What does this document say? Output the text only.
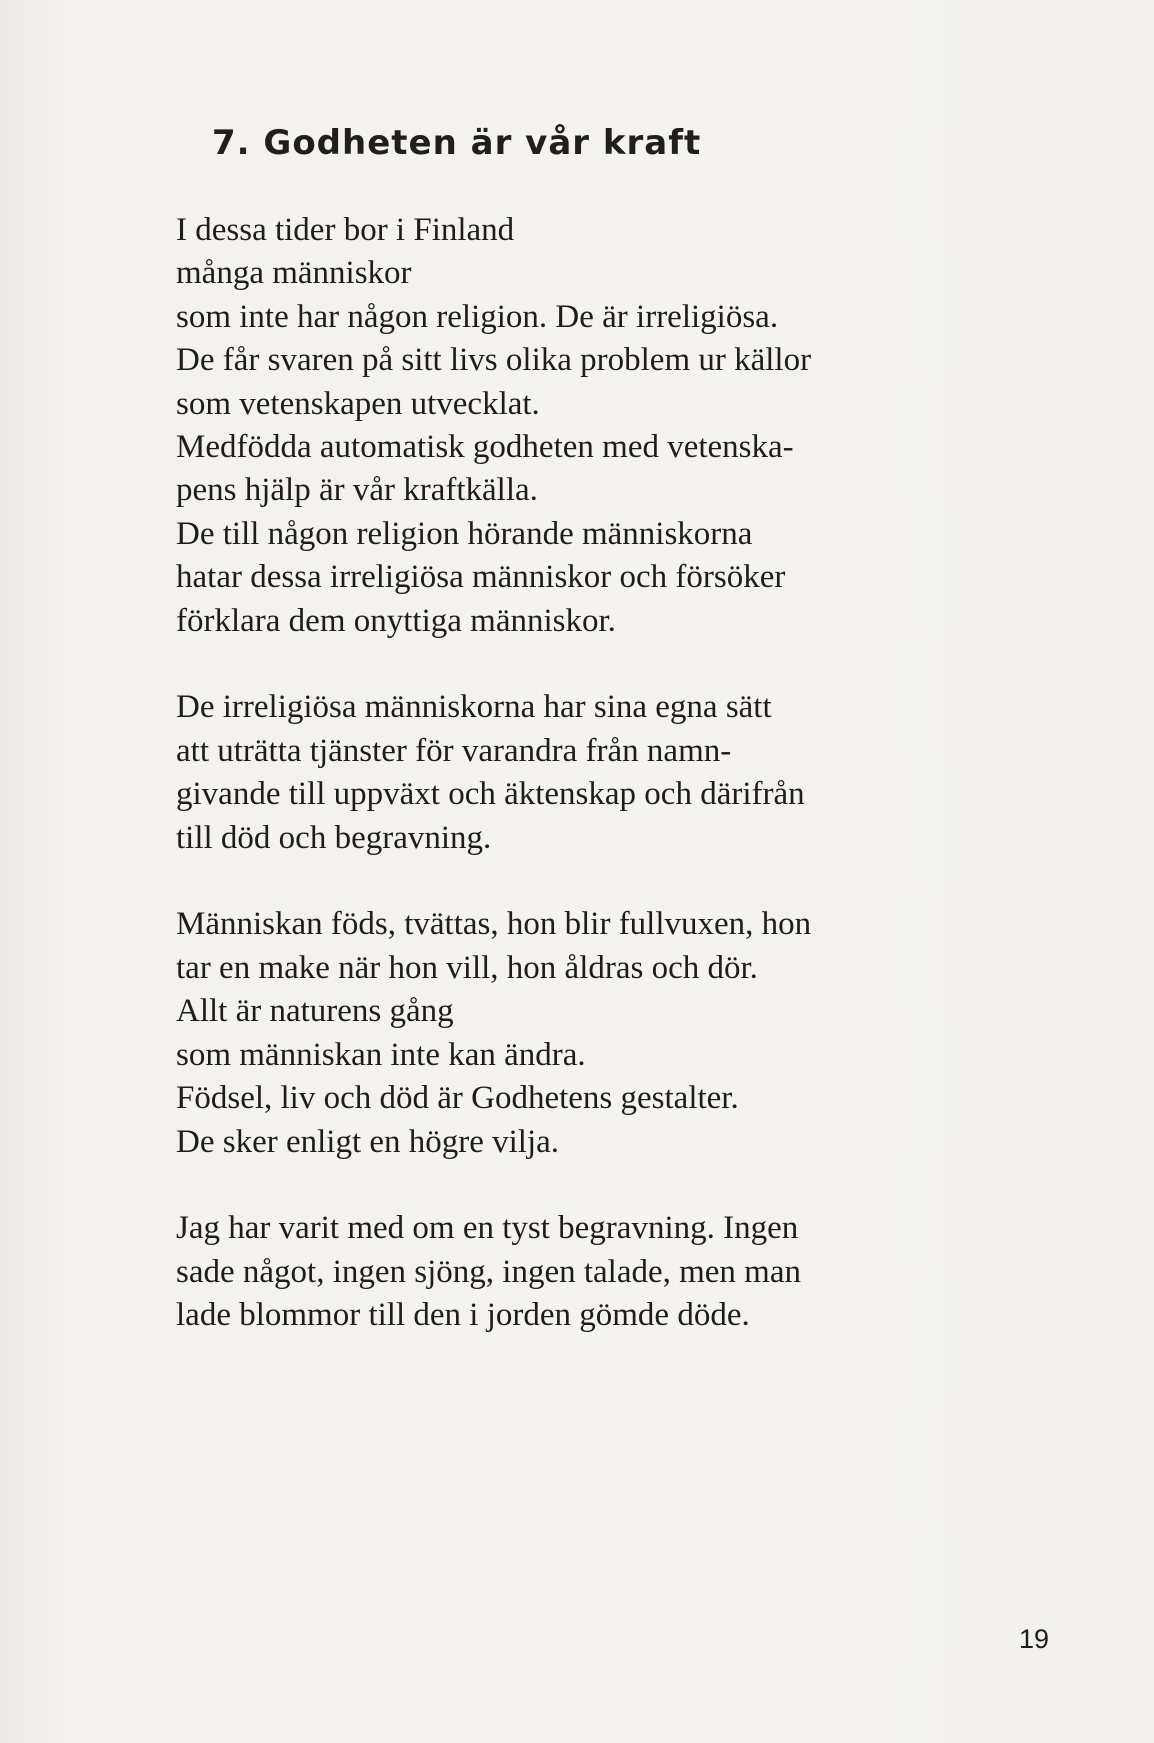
7. Godheten är vår kraft

I dessa tider bor i Finland
många människor
som inte har någon religion. De är irreligiösa.
De får svaren på sitt livs olika problem ur källor
som vetenskapen utvecklat.
Medfödda automatisk godheten med vetenska-
pens hjälp är vår kraftkälla.
De till någon religion hörande människorna
hatar dessa irreligiösa människor och försöker
förklara dem onyttiga människor.

De irreligiösa människorna har sina egna sätt
att uträtta tjänster för varandra från namn-
givande till uppväxt och äktenskap och därifrån
till död och begravning.

Människan föds, tvättas, hon blir fullvuxen, hon
tar en make när hon vill, hon åldras och dör.
Allt är naturens gång
som människan inte kan ändra.
Födsel, liv och död är Godhetens gestalter.
De sker enligt en högre vilja.

Jag har varit med om en tyst begravning. Ingen
sade något, ingen sjöng, ingen talade, men man
lade blommor till den i jorden gömde döde.

19
